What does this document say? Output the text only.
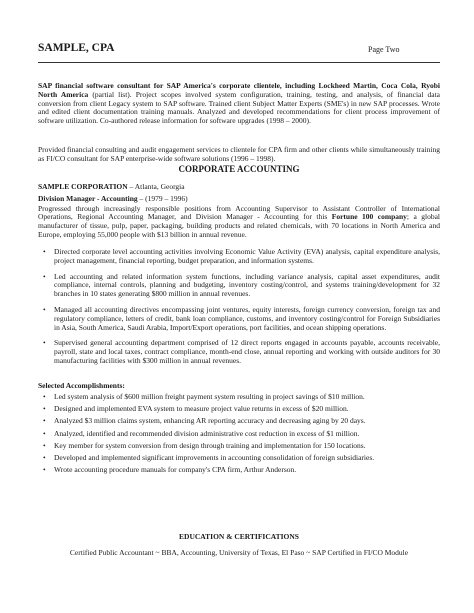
SAMPLE, CPA	Page Two

SAP financial software consultant for SAP America's corporate clientele, including Lockheed Martin, Coca Cola, Ryobi North America (partial list). Project scopes involved system configuration, training, testing, and analysis, of financial data conversion from client Legacy system to SAP software. Trained client Subject Matter Experts (SME's) in new SAP processes. Wrote and edited client documentation training manuals. Analyzed and developed recommendations for client process improvement of software utilization. Co-authored release information for software upgrades (1998 – 2000).

Provided financial consulting and audit engagement services to clientele for CPA firm and other clients while simultaneously training as FI/CO consultant for SAP enterprise-wide software solutions (1996 – 1998).

CORPORATE ACCOUNTING
SAMPLE CORPORATION – Atlanta, Georgia
Division Manager - Accounting – (1979 – 1996)

Progressed through increasingly responsible positions from Accounting Supervisor to Assistant Controller of International Operations, Regional Accounting Manager, and Division Manager - Accounting for this Fortune 100 company; a global manufacturer of tissue, pulp, paper, packaging, building products and related chemicals, with 70 locations in North America and Europe, employing 55,000 people with $13 billion in annual revenue.

• Directed corporate level accounting activities involving Economic Value Activity (EVA) analysis, capital expenditure analysis, project management, financial reporting, budget preparation, and information systems.
• Led accounting and related information system functions, including variance analysis, capital asset expenditures, audit compliance, internal controls, planning and budgeting, inventory costing/control, and systems training/development for 32 branches in 10 states generating $800 million in annual revenues.
• Managed all accounting directives encompassing joint ventures, equity interests, foreign currency conversion, foreign tax and regulatory compliance, letters of credit, bank loan compliance, customs, and inventory costing/control for Foreign Subsidiaries in Asia, South America, Saudi Arabia, Import/Export operations, port facilities, and ocean shipping operations.
• Supervised general accounting department comprised of 12 direct reports engaged in accounts payable, accounts receivable, payroll, state and local taxes, contract compliance, month-end close, annual reporting and working with outside auditors for 30 manufacturing facilities with $300 million in annual revenues.
Selected Accomplishments:
• Led system analysis of $600 million freight payment system resulting in project savings of $10 million.
• Designed and implemented EVA system to measure project value returns in excess of $20 million.
• Analyzed $3 million claims system, enhancing AR reporting accuracy and decreasing aging by 20 days.
• Analyzed, identified and recommended division administrative cost reduction in excess of $1 million.
• Key member for system conversion from design through training and implementation for 150 locations.
• Developed and implemented significant improvements in accounting consolidation of foreign subsidiaries.
• Wrote accounting procedure manuals for company's CPA firm, Arthur Anderson.
EDUCATION & CERTIFICATIONS
Certified Public Accountant ~ BBA, Accounting, University of Texas, El Paso ~ SAP Certified in FI/CO Module
